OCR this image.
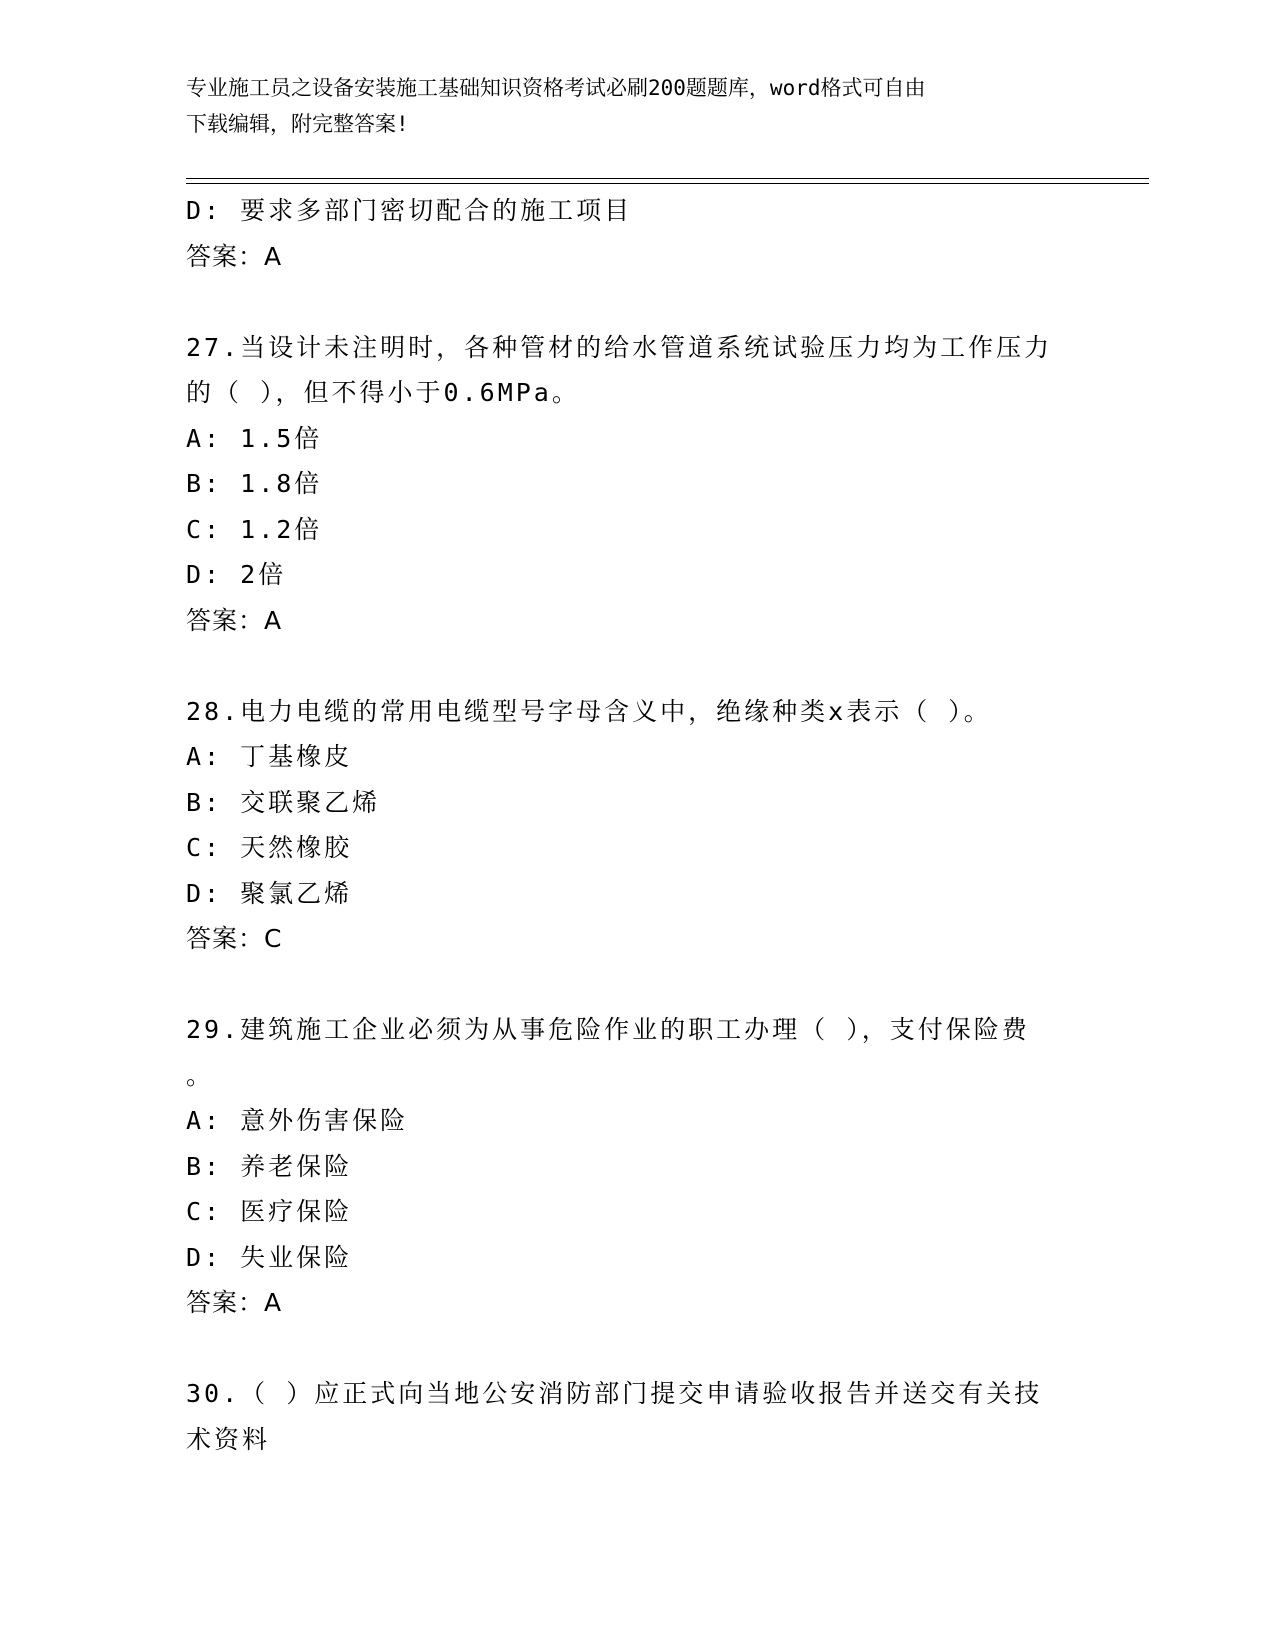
专业施工员之设备安装施工基础知识资格考试必刷200题题库，word格式可自由
下载编辑，附完整答案!
D: 要求多部门密切配合的施工项目
答案：A
27.当设计未注明时，各种管材的给水管道系统试验压力均为工作压力
的（ ），但不得小于0.6MPa。
A: 1.5倍
B: 1.8倍
C: 1.2倍
D: 2倍
答案：A
28.电力电缆的常用电缆型号字母含义中，绝缘种类x表示（ ）。
A: 丁基橡皮
B: 交联聚乙烯
C: 天然橡胶
D: 聚氯乙烯
答案：C
29.建筑施工企业必须为从事危险作业的职工办理（ ），支付保险费
。
A: 意外伤害保险
B: 养老保险
C: 医疗保险
D: 失业保险
答案：A
30.（ ）应正式向当地公安消防部门提交申请验收报告并送交有关技
术资料
